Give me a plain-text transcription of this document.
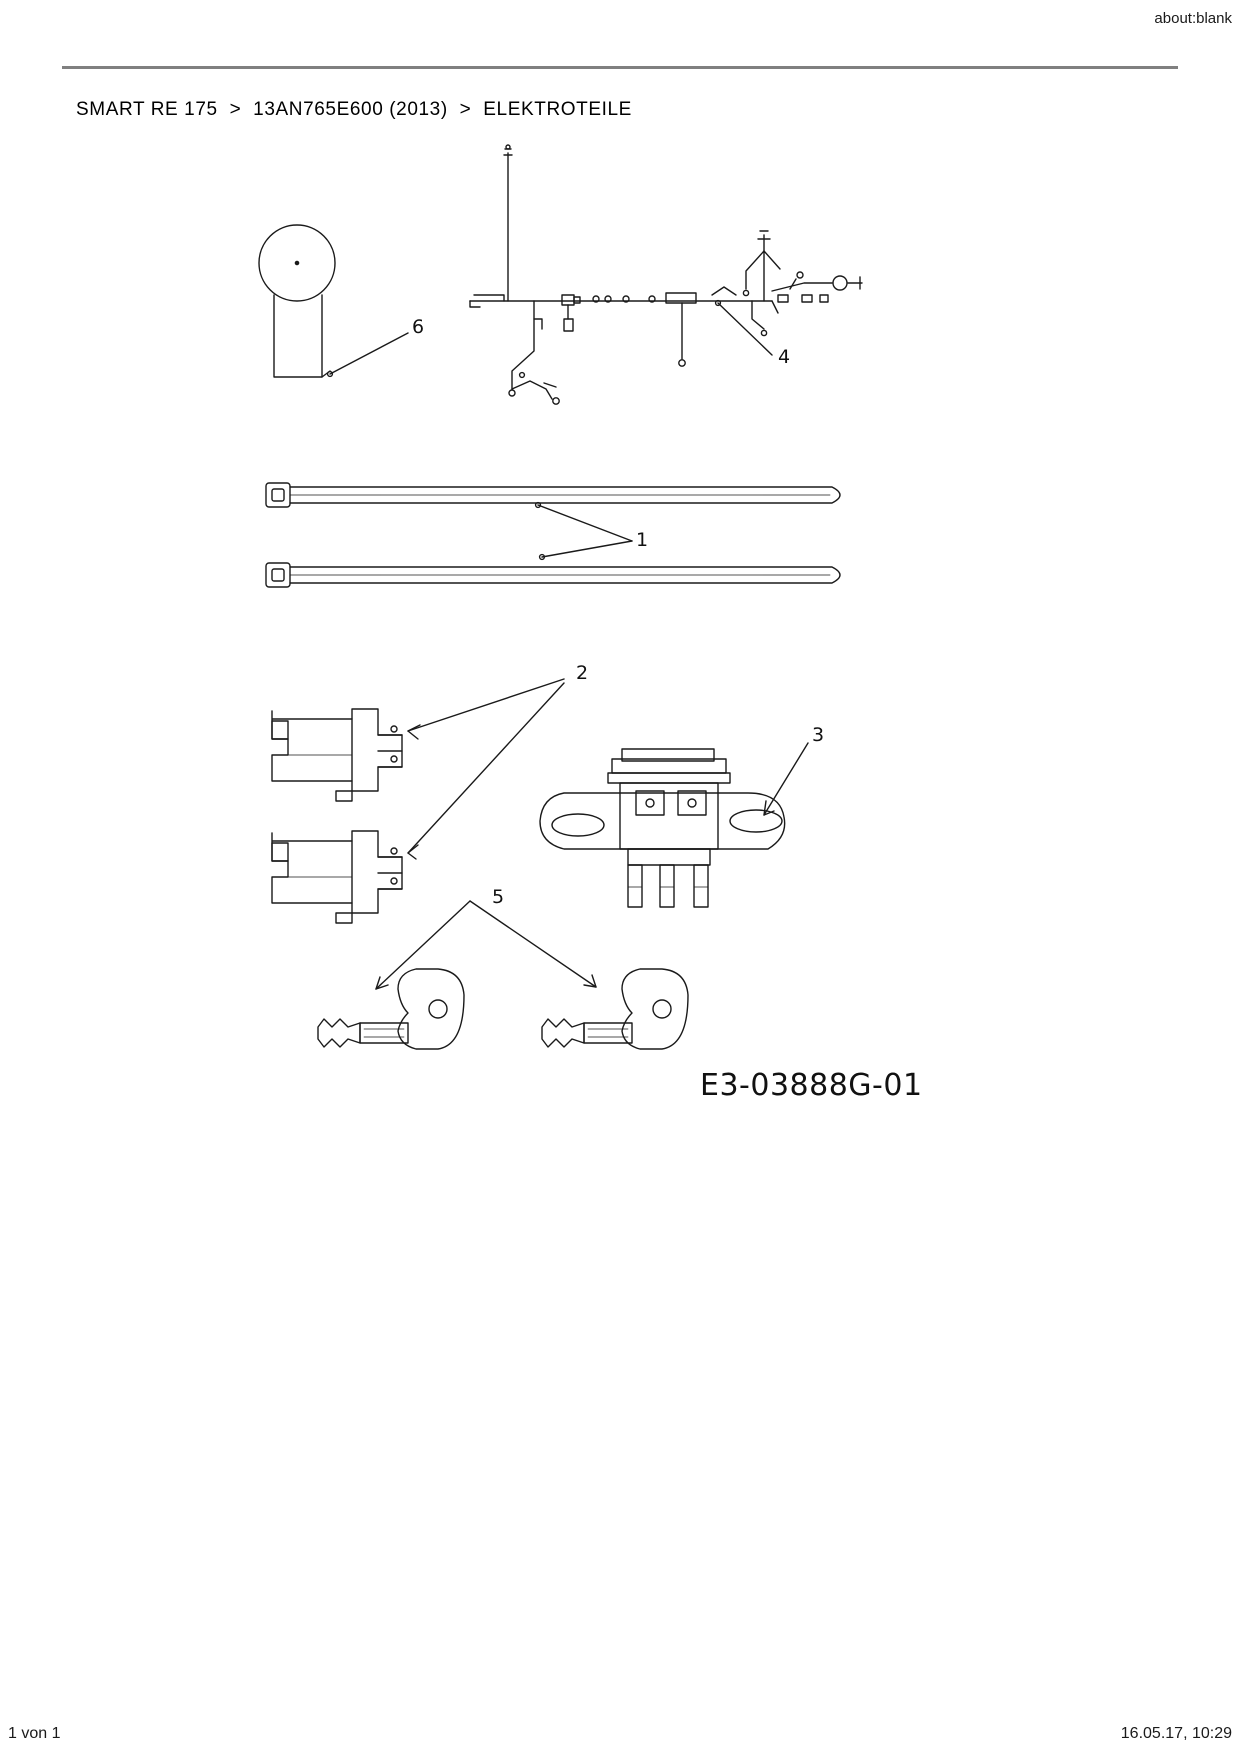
about:blank
SMART RE 175 > 13AN765E600 (2013) > ELEKTROTEILE
6
4
1
2
3
5
E3-03888G-01
1 von 1	16.05.17, 10:29
